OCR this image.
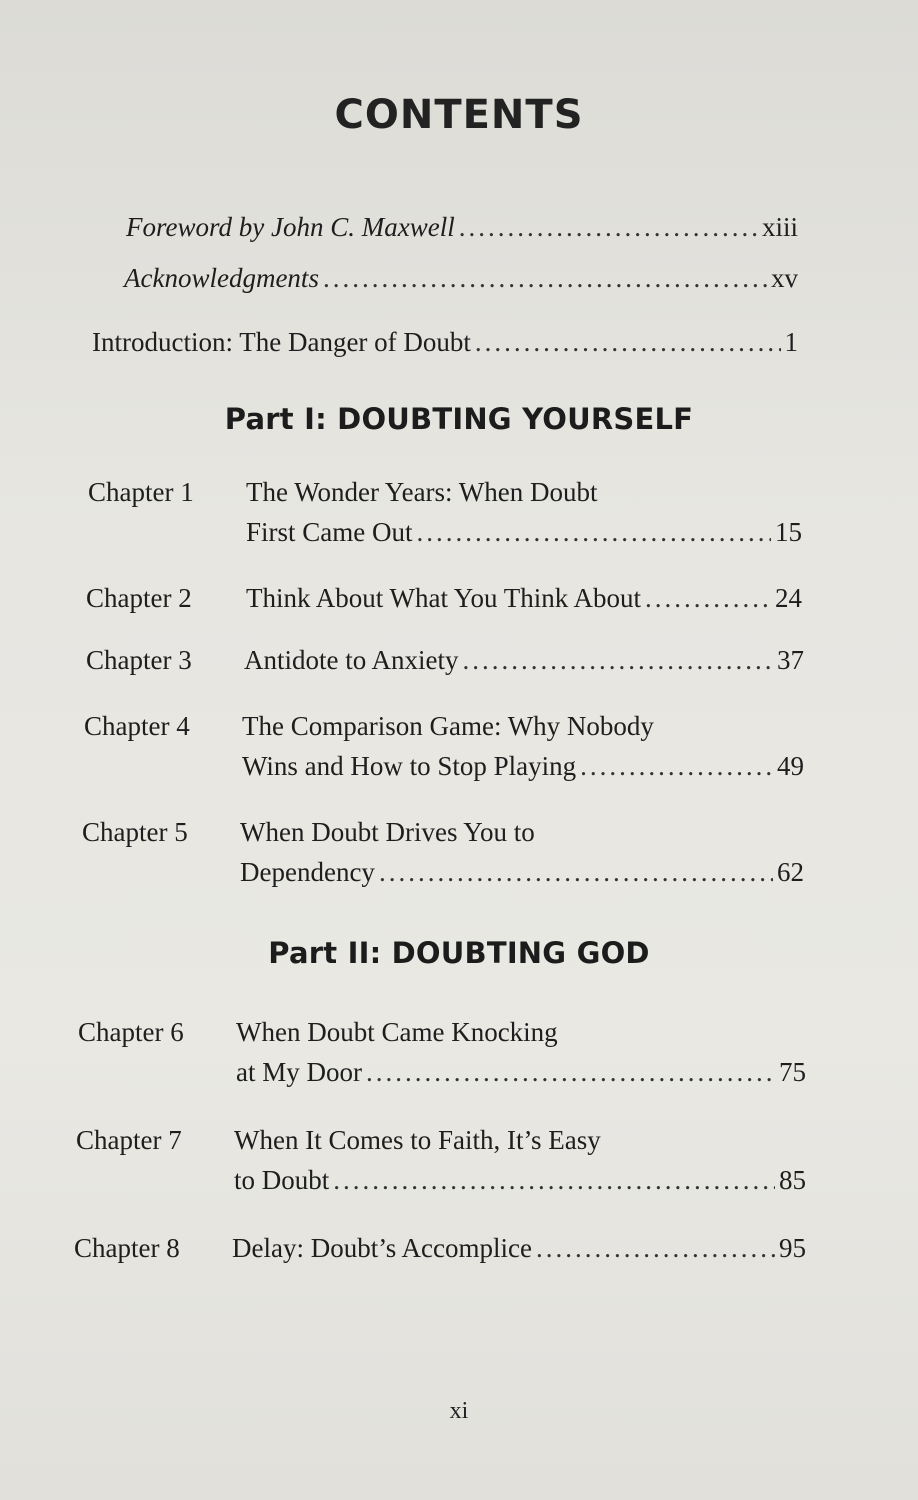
CONTENTS
Foreword by John C. Maxwell .....	xiii
Acknowledgments .....	xv
Introduction: The Danger of Doubt .....	1
Part I: DOUBTING YOURSELF
Chapter 1 The Wonder Years: When Doubt
First Came Out .....	15
Chapter 2 Think About What You Think About .....	24
Chapter 3 Antidote to Anxiety .....	37
Chapter 4 The Comparison Game: Why Nobody
Wins and How to Stop Playing .....	49
Chapter 5 When Doubt Drives You to
Dependency .....	62
Part II: DOUBTING GOD
Chapter 6 When Doubt Came Knocking
at My Door .....	75
Chapter 7 When It Comes to Faith, It’s Easy
to Doubt .....	85
Chapter 8 Delay: Doubt’s Accomplice .....	95
xi
